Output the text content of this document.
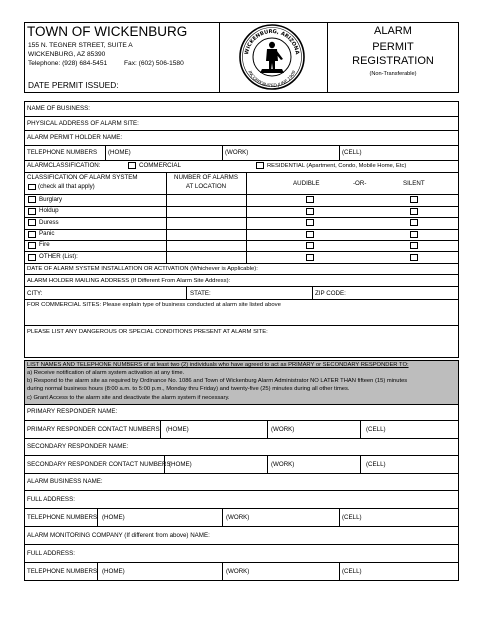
TOWN OF WICKENBURG
155 N. TEGNER STREET, SUITE A
WICKENBURG, AZ 85390
Telephone: (928) 684-5451	Fax: (602) 506-1580
DATE PERMIT ISSUED:
WICKENBURG, ARIZONA
INCORPORATED JUNE 1909
ALARM
PERMIT
REGISTRATION
(Non-Transferable)
NAME OF BUSINESS:
PHYSICAL ADDRESS OF ALARM SITE:
ALARM PERMIT HOLDER NAME:
TELEPHONE NUMBERS (HOME)	(WORK)	(CELL)
ALARMCLASSIFICATION:	COMMERCIAL	RESIDENTIAL (Apartment, Condo, Mobile Home, Etc)
CLASSIFICATION OF ALARM SYSTEM
(check all that apply)
NUMBER OF ALARMS
AT LOCATION	AUDIBLE	-OR-	SILENT
Burglary
Holdup
Duress
Panic
Fire
OTHER (List):
DATE OF ALARM SYSTEM INSTALLATION OR ACTIVATION (Whichever is Applicable):
ALARM HOLDER MAILING ADDRESS (If Different From Alarm Site Address):
CITY:	STATE:	ZIP CODE:
FOR COMMERCIAL SITES: Please explain type of business conducted at alarm site listed above
PLEASE LIST ANY DANGEROUS OR SPECIAL CONDITIONS PRESENT AT ALARM SITE:
LIST NAMES AND TELEPHONE NUMBERS of at least two (2) individuals who have agreed to act as PRIMARY or SECONDARY RESPONDER TO:
a) Receive notification of alarm system activation at any time.
b) Respond to the alarm site as required by Ordinance No. 1086 and Town of Wickenburg Alarm Administrator NO LATER THAN fifteen (15) minutes
during normal business hours (8:00 a.m. to 5:00 p.m., Monday thru Friday) and twenty-five (25) minutes during all other times.
c) Grant Access to the alarm site and deactivate the alarm system if necessary.
PRIMARY RESPONDER NAME:
PRIMARY RESPONDER CONTACT NUMBERS (HOME)	(WORK)	(CELL)
SECONDARY RESPONDER NAME:
SECONDARY RESPONDER CONTACT NUMBERS
(HOME)	(WORK)	(CELL)
ALARM BUSINESS NAME:
FULL ADDRESS:
TELEPHONE NUMBERS (HOME)	(WORK)	(CELL)
ALARM MONITORING COMPANY (If different from above) NAME:
FULL ADDRESS:
TELEPHONE NUMBERS (HOME)	(WORK)	(CELL)
